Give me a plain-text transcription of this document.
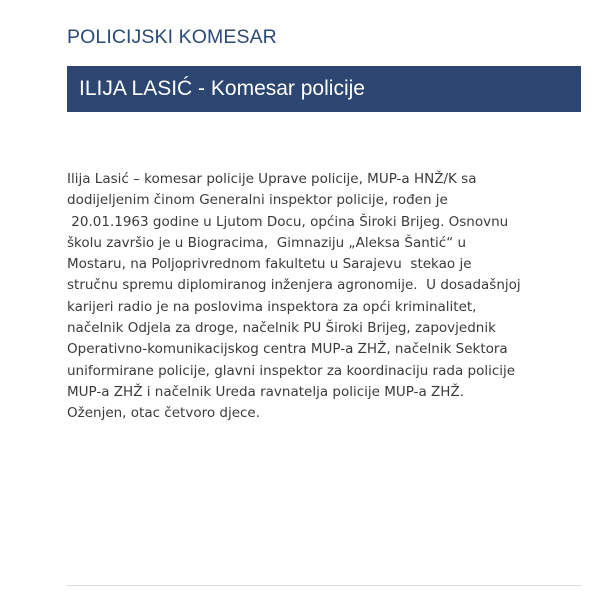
POLICIJSKI KOMESAR
ILIJA LASIĆ - Komesar policije
Ilija Lasić – komesar policije Uprave policije, MUP-a HNŽ/K sa
dodijeljenim činom Generalni inspektor policije, rođen je
20.01.1963 godine u Ljutom Docu, općina Široki Brijeg. Osnovnu
školu završio je u Biogracima,  Gimnaziju „Aleksa Šantić“ u
Mostaru, na Poljoprivrednom fakultetu u Sarajevu  stekao je
stručnu spremu diplomiranog inženjera agronomije.  U dosadašnjoj
karijeri radio je na poslovima inspektora za opći kriminalitet,
načelnik Odjela za droge, načelnik PU Široki Brijeg, zapovjednik
Operativno-komunikacijskog centra MUP-a ZHŽ, načelnik Sektora
uniformirane policije, glavni inspektor za koordinaciju rada policije
MUP-a ZHŽ i načelnik Ureda ravnatelja policije MUP-a ZHŽ.
Oženjen, otac četvoro djece.
